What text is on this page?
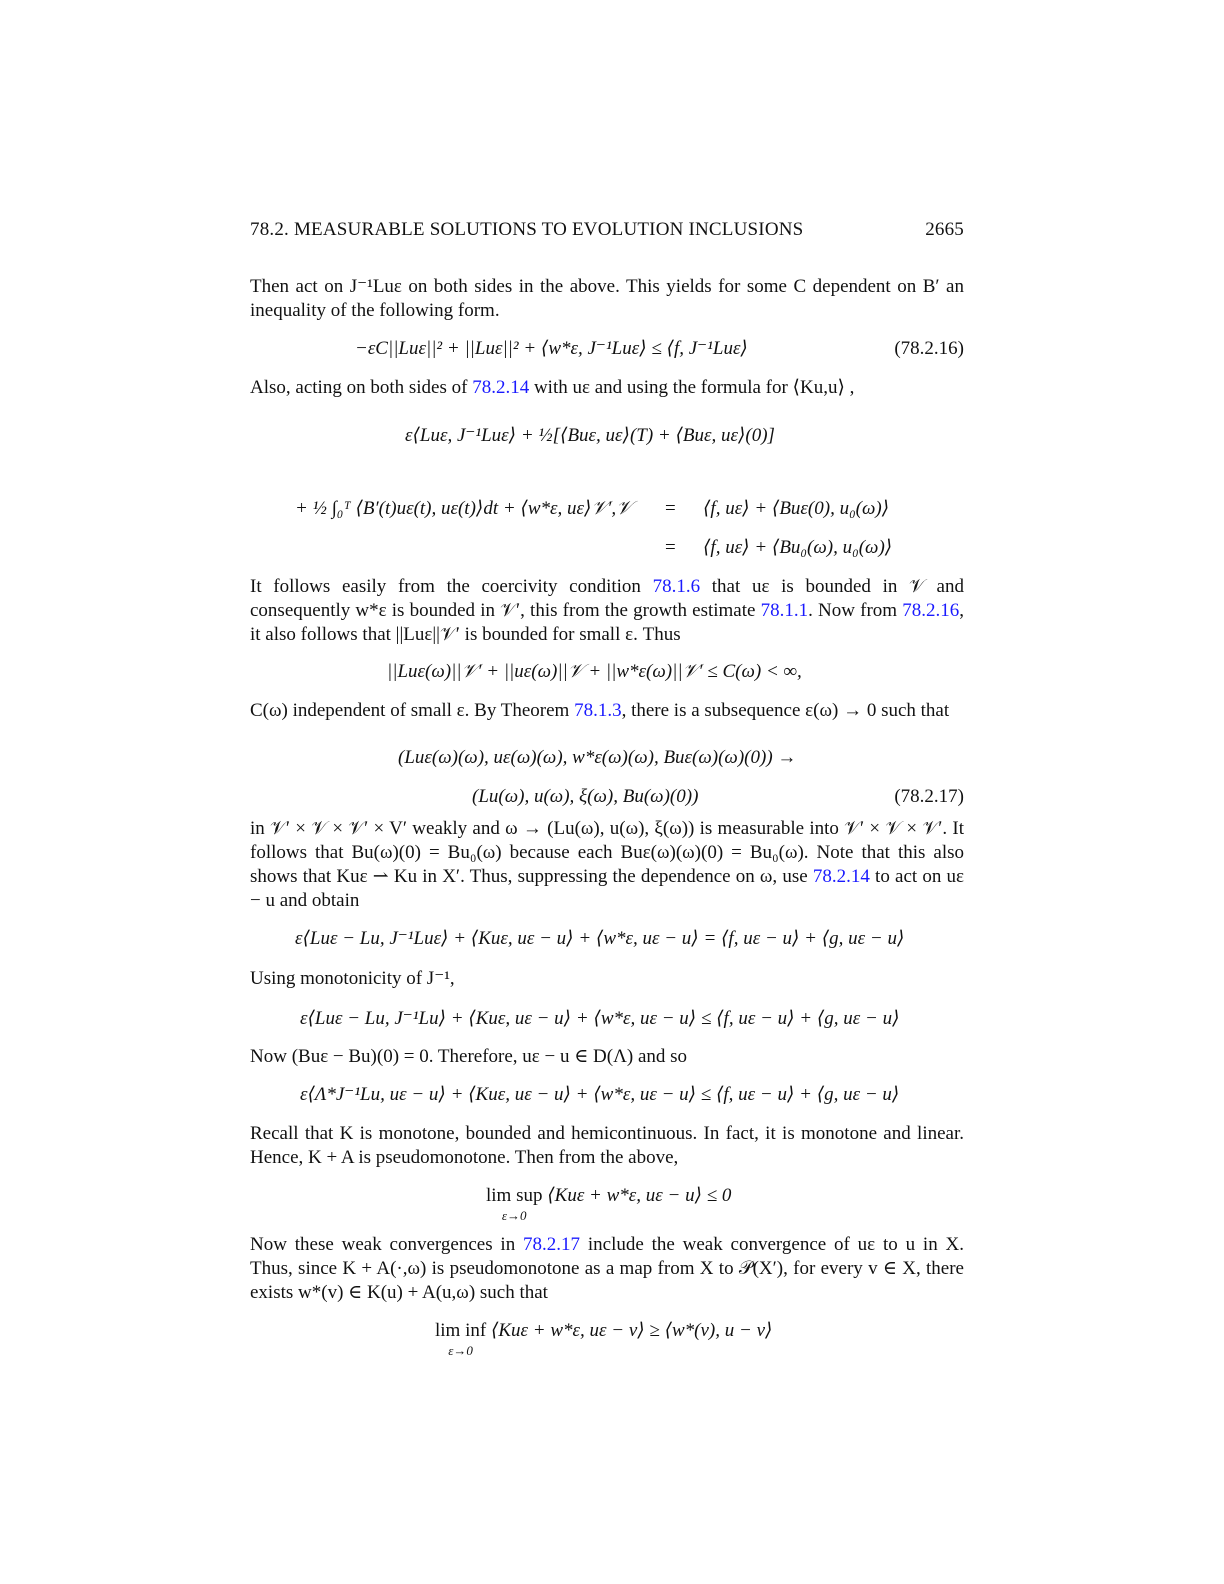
78.2. MEASURABLE SOLUTIONS TO EVOLUTION INCLUSIONS	2665
Then act on J⁻¹Luε on both sides in the above. This yields for some C dependent on B′ an inequality of the following form.
−εC||Luε||² + ||Luε||² + ⟨w*ε, J⁻¹Luε⟩ ≤ ⟨f, J⁻¹Luε⟩	(78.2.16)
Also, acting on both sides of 78.2.14 with uε and using the formula for ⟨Ku,u⟩ ,
ε⟨Luε, J⁻¹Luε⟩ + ½[⟨Buε, uε⟩(T) + ⟨Buε, uε⟩(0)]
+ ½ ∫₀ᵀ ⟨B′(t)uε(t), uε(t)⟩dt + ⟨w*ε, uε⟩𝒱′,𝒱 = ⟨f, uε⟩ + ⟨Buε(0), u₀(ω)⟩
= ⟨f, uε⟩ + ⟨Bu₀(ω), u₀(ω)⟩
It follows easily from the coercivity condition 78.1.6 that uε is bounded in 𝒱 and consequently w*ε is bounded in 𝒱′, this from the growth estimate 78.1.1. Now from 78.2.16, it also follows that ||Luε||𝒱′ is bounded for small ε. Thus
||Luε(ω)||𝒱′ + ||uε(ω)||𝒱 + ||w*ε(ω)||𝒱′ ≤ C(ω) < ∞,
C(ω) independent of small ε. By Theorem 78.1.3, there is a subsequence ε(ω) → 0 such that
(Luε(ω)(ω), uε(ω)(ω), w*ε(ω)(ω), Buε(ω)(ω)(0)) →
(Lu(ω), u(ω), ξ(ω), Bu(ω)(0))	(78.2.17)
in 𝒱′ × 𝒱 × 𝒱′ × V′ weakly and ω → (Lu(ω), u(ω), ξ(ω)) is measurable into 𝒱′ × 𝒱 × 𝒱′. It follows that Bu(ω)(0) = Bu₀(ω) because each Buε(ω)(ω)(0) = Bu₀(ω). Note that this also shows that Kuε ⇀ Ku in X′. Thus, suppressing the dependence on ω, use 78.2.14 to act on uε − u and obtain
ε⟨Luε − Lu, J⁻¹Luε⟩ + ⟨Kuε, uε − u⟩ + ⟨w*ε, uε − u⟩ = ⟨f, uε − u⟩ + ⟨g, uε − u⟩
Using monotonicity of J⁻¹,
ε⟨Luε − Lu, J⁻¹Lu⟩ + ⟨Kuε, uε − u⟩ + ⟨w*ε, uε − u⟩ ≤ ⟨f, uε − u⟩ + ⟨g, uε − u⟩
Now (Buε − Bu)(0) = 0. Therefore, uε − u ∈ D(Λ) and so
ε⟨Λ*J⁻¹Lu, uε − u⟩ + ⟨Kuε, uε − u⟩ + ⟨w*ε, uε − u⟩ ≤ ⟨f, uε − u⟩ + ⟨g, uε − u⟩
Recall that K is monotone, bounded and hemicontinuous. In fact, it is monotone and linear. Hence, K + A is pseudomonotone. Then from the above,
lim sup
ε→0
⟨Kuε + w*ε, uε − u⟩ ≤ 0
Now these weak convergences in 78.2.17 include the weak convergence of uε to u in X. Thus, since K + A(·,ω) is pseudomonotone as a map from X to 𝒫(X′), for every v ∈ X, there exists w*(v) ∈ K(u) + A(u,ω) such that
lim inf
ε→0
⟨Kuε + w*ε, uε − v⟩ ≥ ⟨w*(v), u − v⟩
